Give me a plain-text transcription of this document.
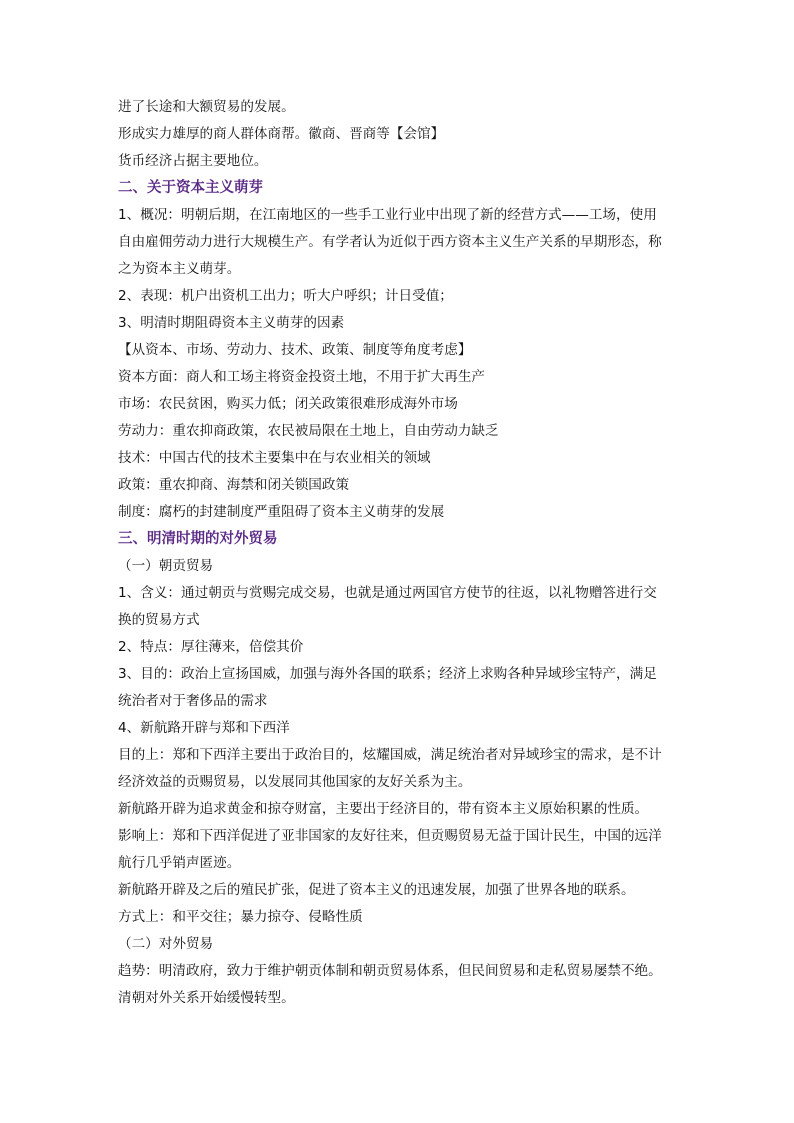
进了长途和大额贸易的发展。
形成实力雄厚的商人群体商帮。徽商、晋商等【会馆】
货币经济占据主要地位。
二、关于资本主义萌芽
1、概况：明朝后期，在江南地区的一些手工业行业中出现了新的经营方式——工场，使用
自由雇佣劳动力进行大规模生产。有学者认为近似于西方资本主义生产关系的早期形态，称
之为资本主义萌芽。
2、表现：机户出资机工出力；听大户呼织；计日受值；
3、明清时期阻碍资本主义萌芽的因素
【从资本、市场、劳动力、技术、政策、制度等角度考虑】
资本方面：商人和工场主将资金投资土地，不用于扩大再生产
市场：农民贫困，购买力低；闭关政策很难形成海外市场
劳动力：重农抑商政策，农民被局限在土地上，自由劳动力缺乏
技术：中国古代的技术主要集中在与农业相关的领域
政策：重农抑商、海禁和闭关锁国政策
制度：腐朽的封建制度严重阻碍了资本主义萌芽的发展
三、明清时期的对外贸易
（一）朝贡贸易
1、含义：通过朝贡与赏赐完成交易，也就是通过两国官方使节的往返，以礼物赠答进行交
换的贸易方式
2、特点：厚往薄来，倍偿其价
3、目的：政治上宣扬国威，加强与海外各国的联系；经济上求购各种异域珍宝特产，满足
统治者对于奢侈品的需求
4、新航路开辟与郑和下西洋
目的上：郑和下西洋主要出于政治目的，炫耀国威，满足统治者对异域珍宝的需求，是不计
经济效益的贡赐贸易，以发展同其他国家的友好关系为主。
新航路开辟为追求黄金和掠夺财富，主要出于经济目的，带有资本主义原始积累的性质。
影响上：郑和下西洋促进了亚非国家的友好往来，但贡赐贸易无益于国计民生，中国的远洋
航行几乎销声匿迹。
新航路开辟及之后的殖民扩张，促进了资本主义的迅速发展，加强了世界各地的联系。
方式上：和平交往；暴力掠夺、侵略性质
（二）对外贸易
趋势：明清政府，致力于维护朝贡体制和朝贡贸易体系，但民间贸易和走私贸易屡禁不绝。
清朝对外关系开始缓慢转型。
